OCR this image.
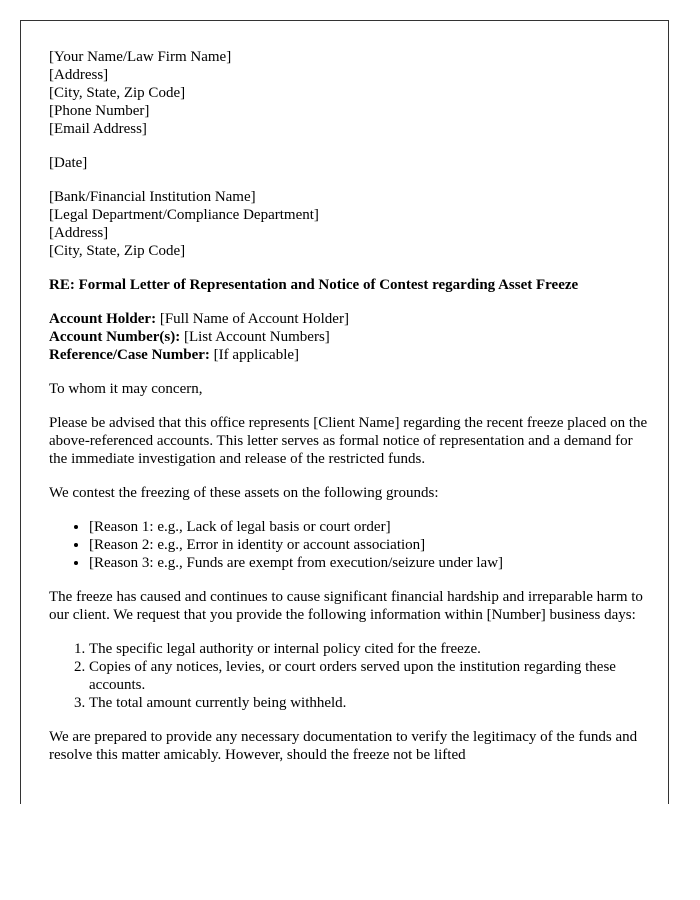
[Your Name/Law Firm Name]
[Address]
[City, State, Zip Code]
[Phone Number]
[Email Address]

[Date]

[Bank/Financial Institution Name]
[Legal Department/Compliance Department]
[Address]
[City, State, Zip Code]

RE: Formal Letter of Representation and Notice of Contest regarding Asset Freeze

Account Holder: [Full Name of Account Holder]
Account Number(s): [List Account Numbers]
Reference/Case Number: [If applicable]

To whom it may concern,

Please be advised that this office represents [Client Name] regarding the recent freeze placed on the above-referenced accounts. This letter serves as formal notice of representation and a demand for the immediate investigation and release of the restricted funds.

We contest the freezing of these assets on the following grounds:

• [Reason 1: e.g., Lack of legal basis or court order]
• [Reason 2: e.g., Error in identity or account association]
• [Reason 3: e.g., Funds are exempt from execution/seizure under law]

The freeze has caused and continues to cause significant financial hardship and irreparable harm to our client. We request that you provide the following information within [Number] business days:

1. The specific legal authority or internal policy cited for the freeze.
2. Copies of any notices, levies, or court orders served upon the institution regarding these accounts.
3. The total amount currently being withheld.

We are prepared to provide any necessary documentation to verify the legitimacy of the funds and resolve this matter amicably. However, should the freeze not be lifted
